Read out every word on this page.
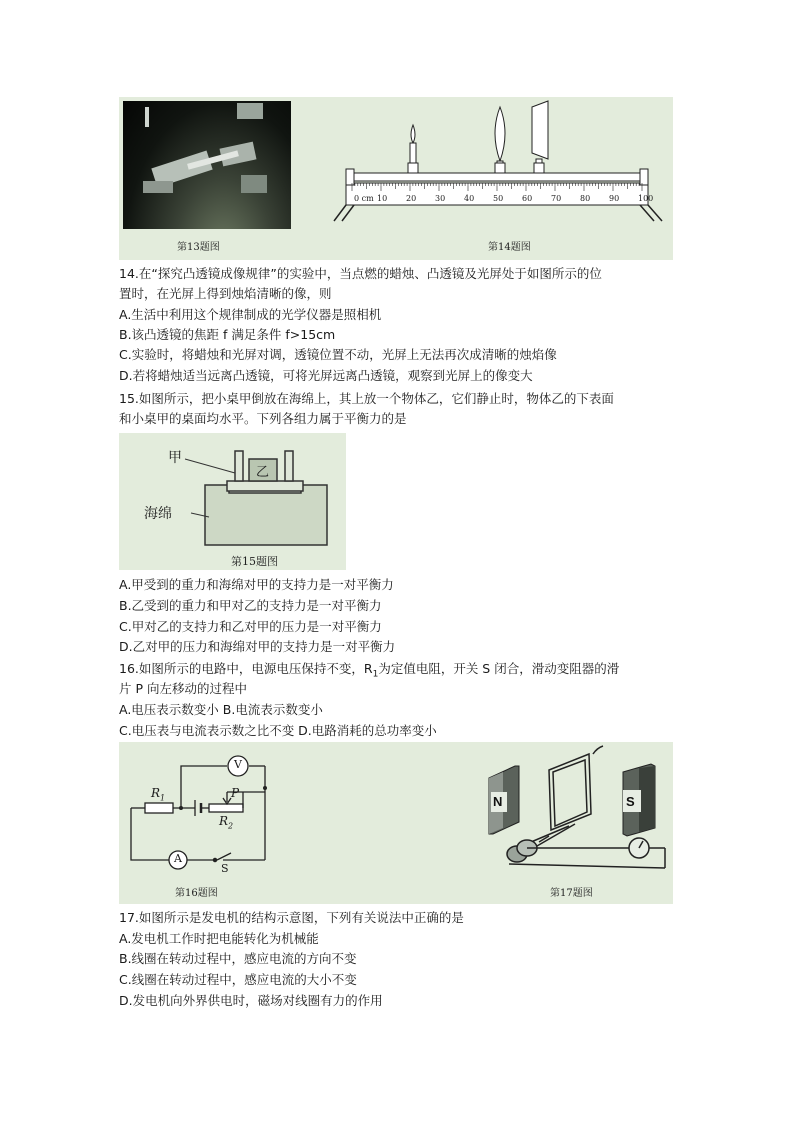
第13题图
0 cm 10 20 30 40 50 60 70 80 90 100
第14题图
14.在“探究凸透镜成像规律”的实验中，当点燃的蜡烛、凸透镜及光屏处于如图所示的位
置时，在光屏上得到烛焰清晰的像，则
A.生活中利用这个规律制成的光学仪器是照相机
B.该凸透镜的焦距 f 满足条件 f>15cm
C.实验时，将蜡烛和光屏对调，透镜位置不动，光屏上无法再次成清晰的烛焰像
D.若将蜡烛适当远离凸透镜，可将光屏远离凸透镜，观察到光屏上的像变大
15.如图所示，把小桌甲倒放在海绵上，其上放一个物体乙，它们静止时，物体乙的下表面
和小桌甲的桌面均水平。下列各组力属于平衡力的是
甲
乙
海绵
第15题图
A.甲受到的重力和海绵对甲的支持力是一对平衡力
B.乙受到的重力和甲对乙的支持力是一对平衡力
C.甲对乙的支持力和乙对甲的压力是一对平衡力
D.乙对甲的压力和海绵对甲的支持力是一对平衡力
16.如图所示的电路中，电源电压保持不变，$R_1$为定值电阻，开关 S 闭合，滑动变阻器的滑
片 P 向左移动的过程中
A.电压表示数变小 B.电流表示数变小
C.电压表与电流表示数之比不变 D.电路消耗的总功率变小
V
A
$R_1$
$R_2$
P
S
第16题图
N	S
第17题图
17.如图所示是发电机的结构示意图，下列有关说法中正确的是
A.发电机工作时把电能转化为机械能
B.线圈在转动过程中，感应电流的方向不变
C.线圈在转动过程中，感应电流的大小不变
D.发电机向外界供电时，磁场对线圈有力的作用
